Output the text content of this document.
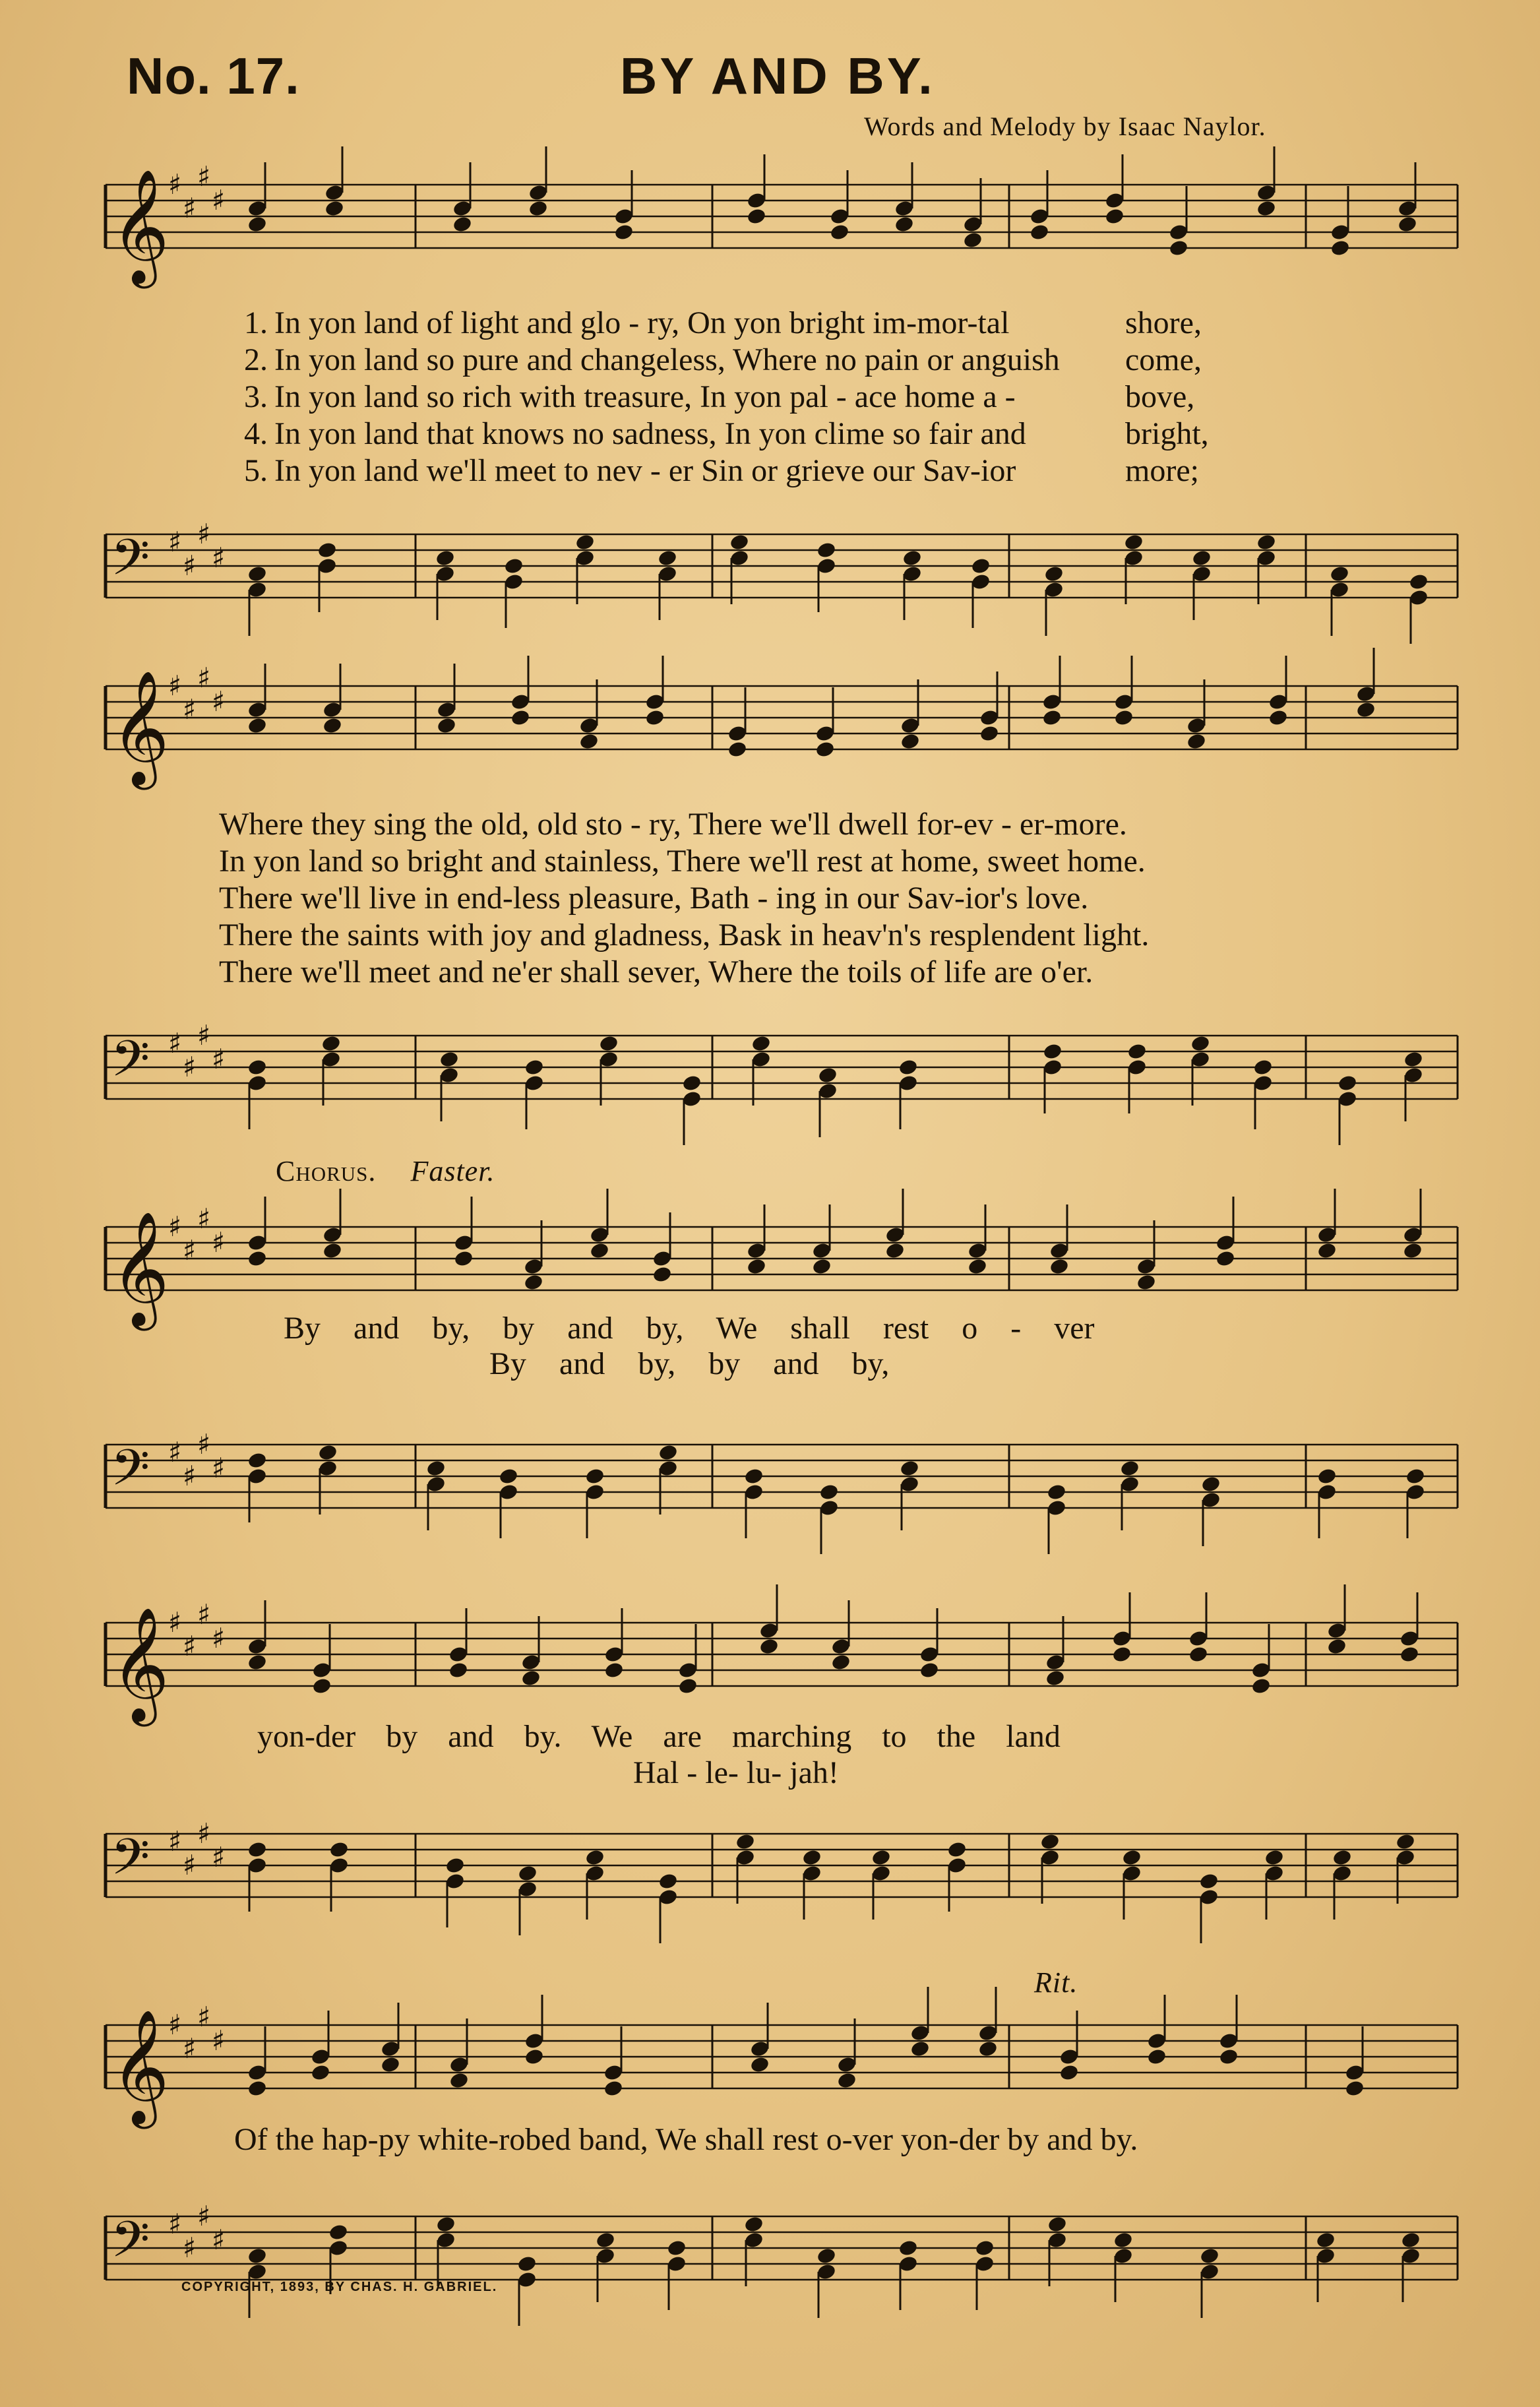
No. 17.	BY AND BY.
Words and Melody by Isaac Naylor.
𝄞
♯
♯
♯
♯
1. In yon land of light and glo - ry, On yon bright im-mor-tal	shore,
2. In yon land so pure and changeless, Where no pain or anguish come,
3. In yon land so rich with treasure, In yon pal - ace home a -	bove,
4. In yon land that knows no sadness, In yon clime so fair and	bright,
5. In yon land we'll meet to nev - er Sin or grieve our Sav-ior	more;
𝄢 ♯
♯
♯
♯
𝄞
♯
♯
♯
♯
Where they sing the old, old sto - ry, There we'll dwell for-ev - er-more.
In yon land so bright and stainless, There we'll rest at home, sweet home.
There we'll live in end-less pleasure, Bath - ing in our Sav-ior's love.
There the saints with joy and gladness, Bask in heav'n's resplendent light.
There we'll meet and ne'er shall sever, Where the toils of life are o'er.
𝄢 ♯
♯
♯
♯
Chorus. Faster.
𝄞
♯
♯
♯
♯
By and by, by and by, We shall rest o - ver
By and by, by and by,
𝄢 ♯
♯
♯
♯
𝄞
♯
♯
♯
♯
yon-der by and by. We are marching to the land
Hal - le- lu- jah!
𝄢 ♯
♯
♯
♯
Rit.
𝄞
♯
♯
♯
♯
Of the hap-py white-robed band, We shall rest o-ver yon-der by and by.
𝄢 ♯
♯
♯
♯
COPYRIGHT, 1893, BY CHAS. H. GABRIEL.
